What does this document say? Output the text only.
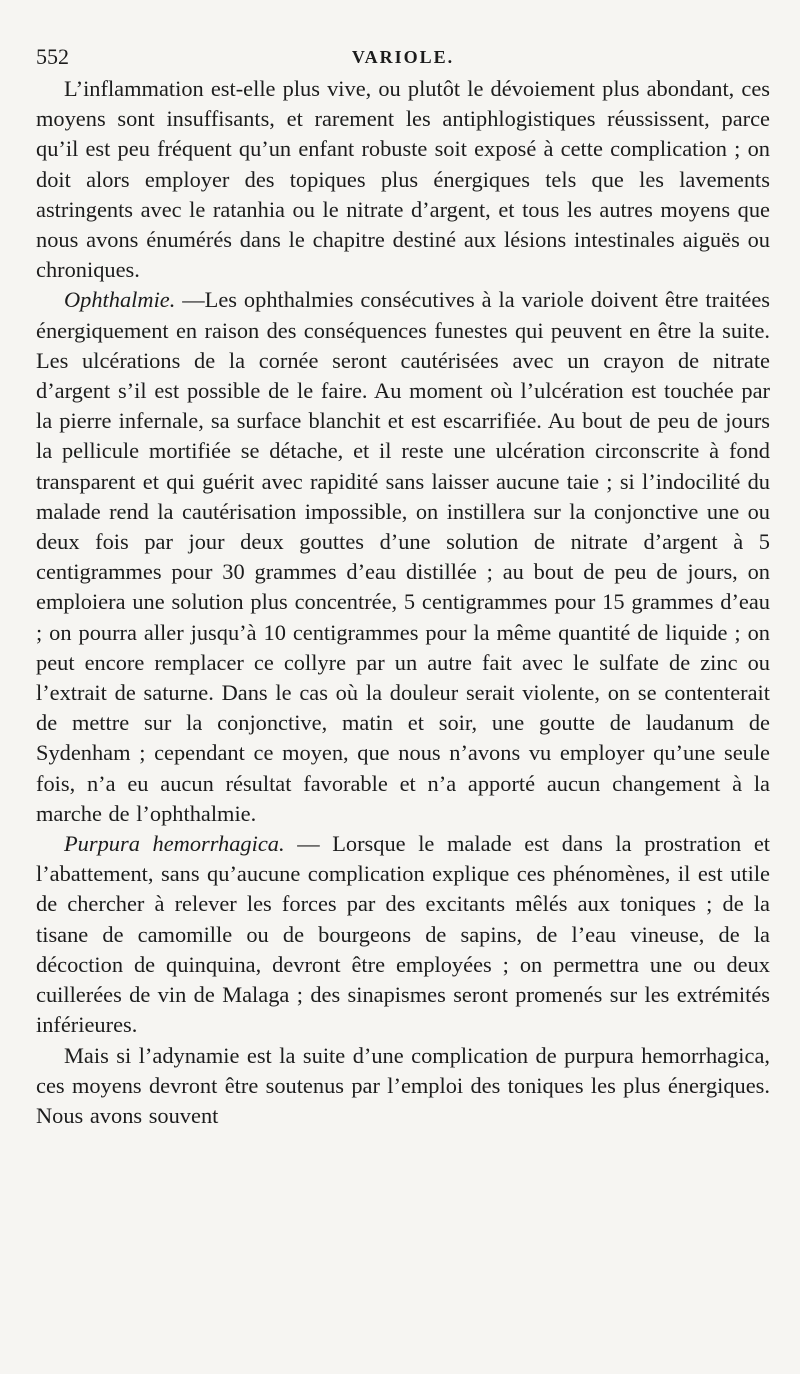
552	VARIOLE.

L’inflammation est-elle plus vive, ou plutôt le dévoiement plus abondant, ces moyens sont insuffisants, et rarement les antiphlogistiques réussissent, parce qu’il est peu fréquent qu’un enfant robuste soit exposé à cette complication ; on doit alors employer des topiques plus énergiques tels que les lavements astringents avec le ratanhia ou le nitrate d’argent, et tous les autres moyens que nous avons énumérés dans le chapitre destiné aux lésions intestinales aiguës ou chroniques.

Ophthalmie. —Les ophthalmies consécutives à la variole doivent être traitées énergiquement en raison des conséquences funestes qui peuvent en être la suite. Les ulcérations de la cornée seront cautérisées avec un crayon de nitrate d’argent s’il est possible de le faire. Au moment où l’ulcération est touchée par la pierre infernale, sa surface blanchit et est escarrifiée. Au bout de peu de jours la pellicule mortifiée se détache, et il reste une ulcération circonscrite à fond transparent et qui guérit avec rapidité sans laisser aucune taie ; si l’indocilité du malade rend la cautérisation impossible, on instillera sur la conjonctive une ou deux fois par jour deux gouttes d’une solution de nitrate d’argent à 5 centigrammes pour 30 grammes d’eau distillée ; au bout de peu de jours, on emploiera une solution plus concentrée, 5 centigrammes pour 15 grammes d’eau ; on pourra aller jusqu’à 10 centigrammes pour la même quantité de liquide ; on peut encore remplacer ce collyre par un autre fait avec le sulfate de zinc ou l’extrait de saturne. Dans le cas où la douleur serait violente, on se contenterait de mettre sur la conjonctive, matin et soir, une goutte de laudanum de Sydenham ; cependant ce moyen, que nous n’avons vu employer qu’une seule fois, n’a eu aucun résultat favorable et n’a apporté aucun changement à la marche de l’ophthalmie.

Purpura hemorrhagica. — Lorsque le malade est dans la prostration et l’abattement, sans qu’aucune complication explique ces phénomènes, il est utile de chercher à relever les forces par des excitants mêlés aux toniques ; de la tisane de camomille ou de bourgeons de sapins, de l’eau vineuse, de la décoction de quinquina, devront être employées ; on permettra une ou deux cuillerées de vin de Malaga ; des sinapismes seront promenés sur les extrémités inférieures.

Mais si l’adynamie est la suite d’une complication de purpura hemorrhagica, ces moyens devront être soutenus par l’emploi des toniques les plus énergiques. Nous avons souvent
